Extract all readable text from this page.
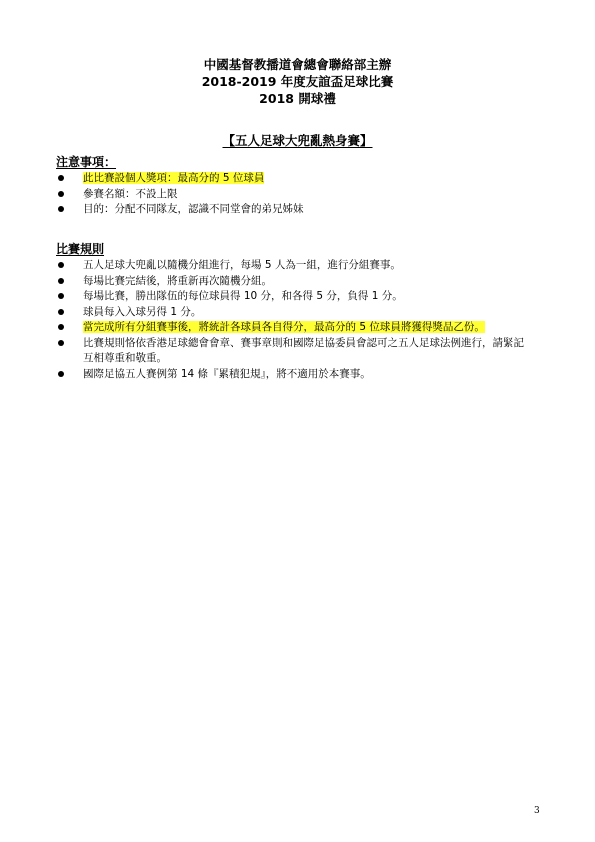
中國基督教播道會總會聯絡部主辦
2018-2019 年度友誼盃足球比賽
2018 開球禮
【五人足球大兜亂熱身賽】
注意事項：
此比賽設個人獎項：最高分的 5 位球員
參賽名額：不設上限
目的：分配不同隊友，認識不同堂會的弟兄姊妹
比賽規則
五人足球大兜亂以隨機分組進行，每場 5 人為一組，進行分組賽事。
每場比賽完結後，將重新再次隨機分組。
每場比賽，勝出隊伍的每位球員得 10 分，和各得 5 分，負得 1 分。
球員每入入球另得 1 分。
當完成所有分組賽事後，將統計各球員各自得分，最高分的 5 位球員將獲得獎品乙份。
比賽規則恪依香港足球總會會章、賽事章則和國際足協委員會認可之五人足球法例進行，請緊記互相尊重和敬重。
國際足協五人賽例第 14 條『累積犯規』，將不適用於本賽事。
3
